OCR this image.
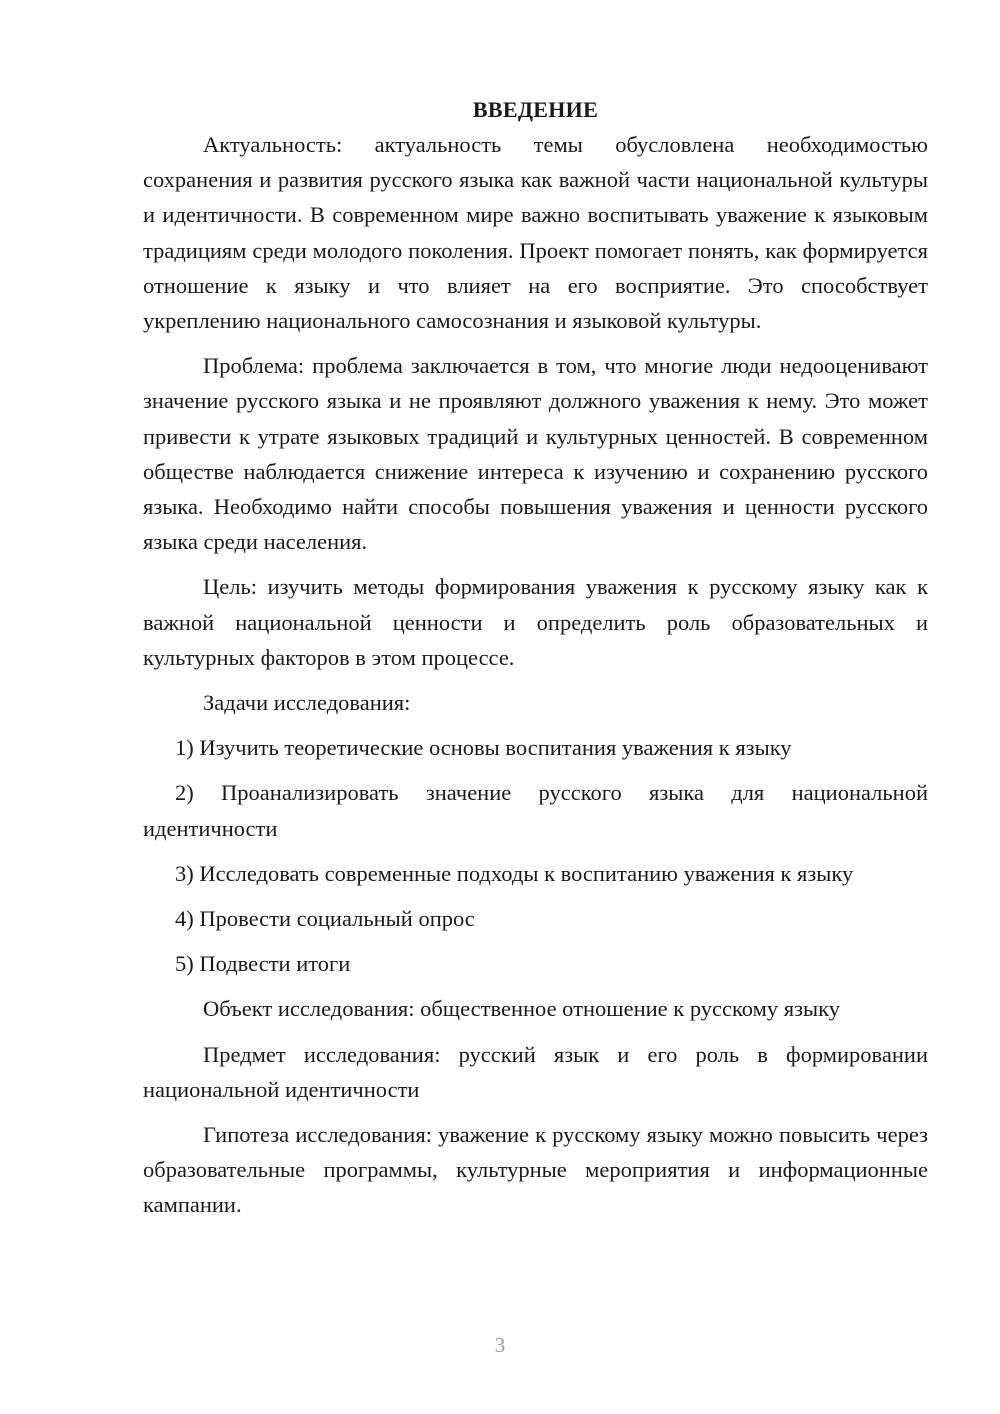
ВВЕДЕНИЕ

Актуальность: актуальность темы обусловлена необходимостью сохранения и развития русского языка как важной части национальной культуры и идентичности. В современном мире важно воспитывать уважение к языковым традициям среди молодого поколения. Проект помогает понять, как формируется отношение к языку и что влияет на его восприятие. Это способствует укреплению национального самосознания и языковой культуры.

Проблема: проблема заключается в том, что многие люди недооценивают значение русского языка и не проявляют должного уважения к нему. Это может привести к утрате языковых традиций и культурных ценностей. В современном обществе наблюдается снижение интереса к изучению и сохранению русского языка. Необходимо найти способы повышения уважения и ценности русского языка среди населения.

Цель: изучить методы формирования уважения к русскому языку как к важной национальной ценности и определить роль образовательных и культурных факторов в этом процессе.

Задачи исследования:

1) Изучить теоретические основы воспитания уважения к языку

2) Проанализировать значение русского языка для национальной идентичности

3) Исследовать современные подходы к воспитанию уважения к языку

4) Провести социальный опрос

5) Подвести итоги

Объект исследования: общественное отношение к русскому языку

Предмет исследования: русский язык и его роль в формировании национальной идентичности

Гипотеза исследования: уважение к русскому языку можно повысить через образовательные программы, культурные мероприятия и информационные кампании.

3
